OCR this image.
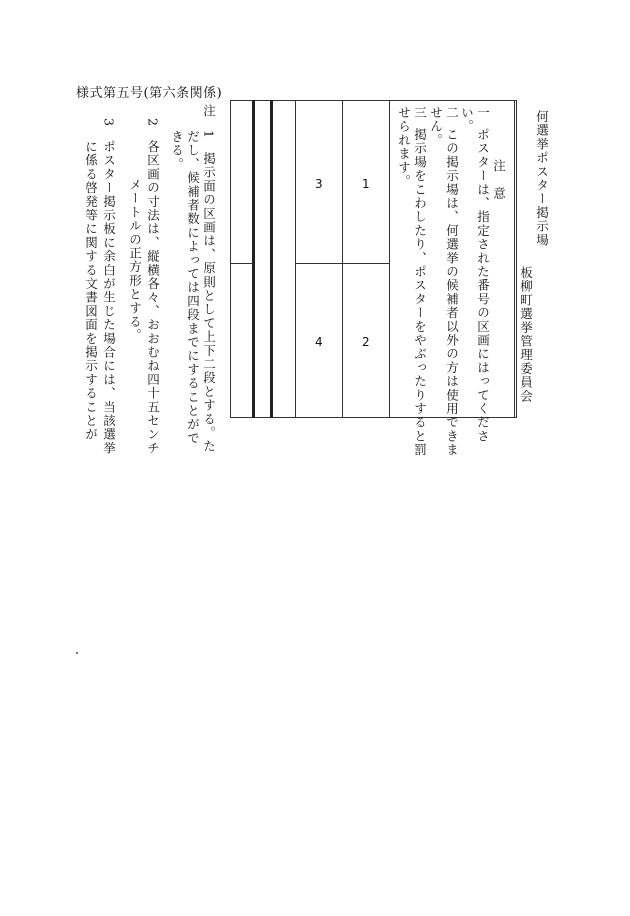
様式第五号(第六条関係)
注
1
掲示面の区画は、原則として上下二段とする。た
だし、候補者数によっては四段までにすることがで
きる。
2
各区画の寸法は、縦横各々、おおむね四十五センチ
メートルの正方形とする。
3
ポスター掲示板に余白が生じた場合には、当該選挙
に係る啓発等に関する文書図面を掲示することが	1
2
3
4
何選挙ポスター掲示場
板柳町選挙管理委員会
注　意
一
ポスターは、指定された番号の区画にはってくださ
い。
二
この掲示場は、何選挙の候補者以外の方は使用できま
せん。
三
掲示場をこわしたり、ポスターをやぶったりすると罰
せられます。
